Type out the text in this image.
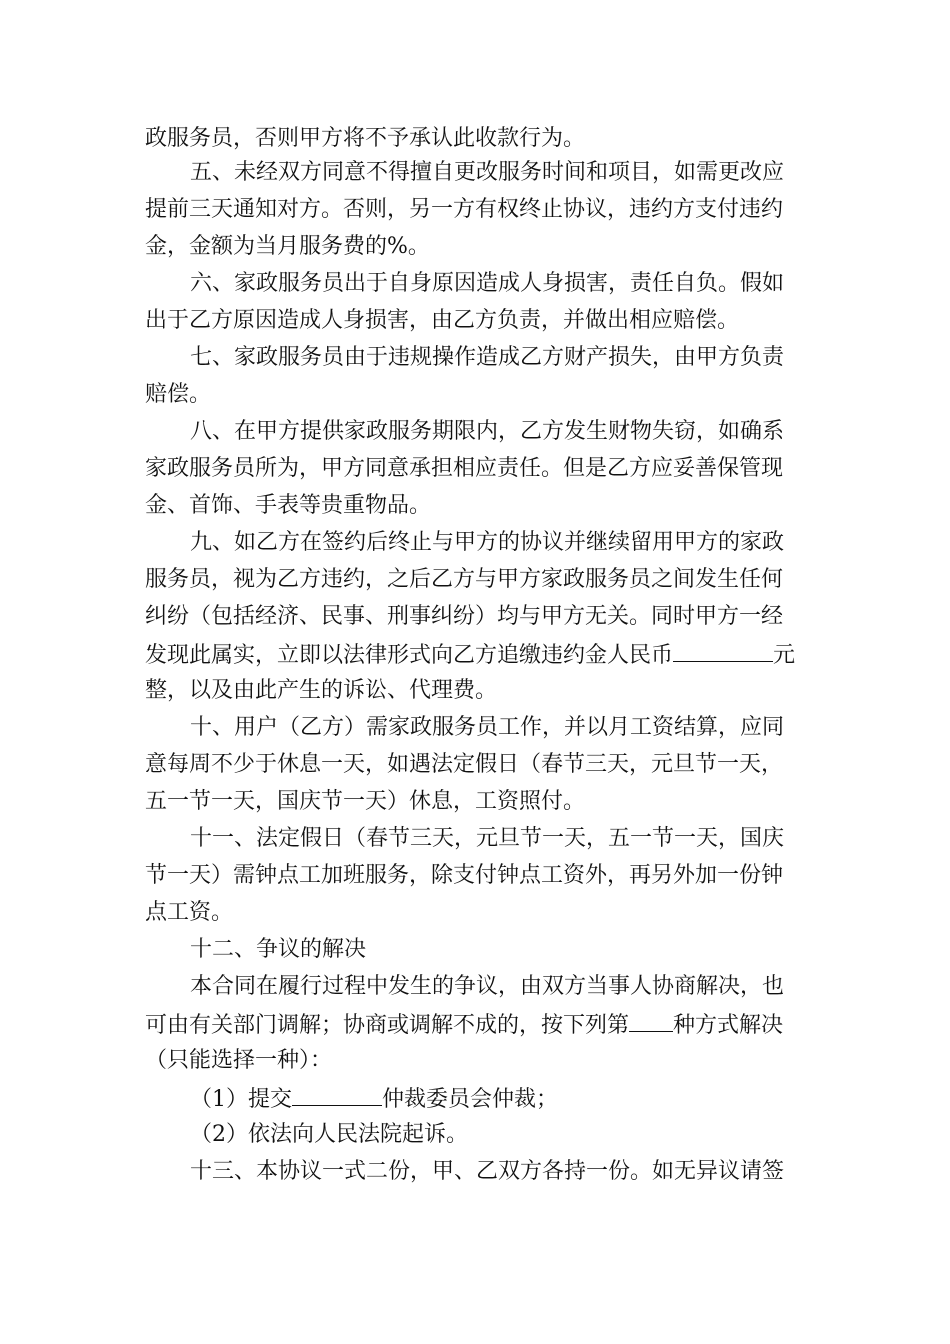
政服务员，否则甲方将不予承认此收款行为。
五、未经双方同意不得擅自更改服务时间和项目，如需更改应
提前三天通知对方。否则，另一方有权终止协议，违约方支付违约
金，金额为当月服务费的%。
六、家政服务员出于自身原因造成人身损害，责任自负。假如
出于乙方原因造成人身损害，由乙方负责，并做出相应赔偿。
七、家政服务员由于违规操作造成乙方财产损失，由甲方负责
赔偿。
八、在甲方提供家政服务期限内，乙方发生财物失窃，如确系
家政服务员所为，甲方同意承担相应责任。但是乙方应妥善保管现
金、首饰、手表等贵重物品。
九、如乙方在签约后终止与甲方的协议并继续留用甲方的家政
服务员，视为乙方违约，之后乙方与甲方家政服务员之间发生任何
纠纷（包括经济、民事、刑事纠纷）均与甲方无关。同时甲方一经
发现此属实，立即以法律形式向乙方追缴违约金人民币	元
整，以及由此产生的诉讼、代理费。
十、用户（乙方）需家政服务员工作，并以月工资结算，应同
意每周不少于休息一天，如遇法定假日（春节三天，元旦节一天，
五一节一天，国庆节一天）休息，工资照付。
十一、法定假日（春节三天，元旦节一天，五一节一天，国庆
节一天）需钟点工加班服务，除支付钟点工资外，再另外加一份钟
点工资。
十二、争议的解决
本合同在履行过程中发生的争议，由双方当事人协商解决，也
可由有关部门调解；协商或调解不成的，按下列第 种方式解决
（只能选择一种）：
（1）提交	仲裁委员会仲裁；
（2）依法向人民法院起诉。
十三、本协议一式二份，甲、乙双方各持一份。如无异议请签
